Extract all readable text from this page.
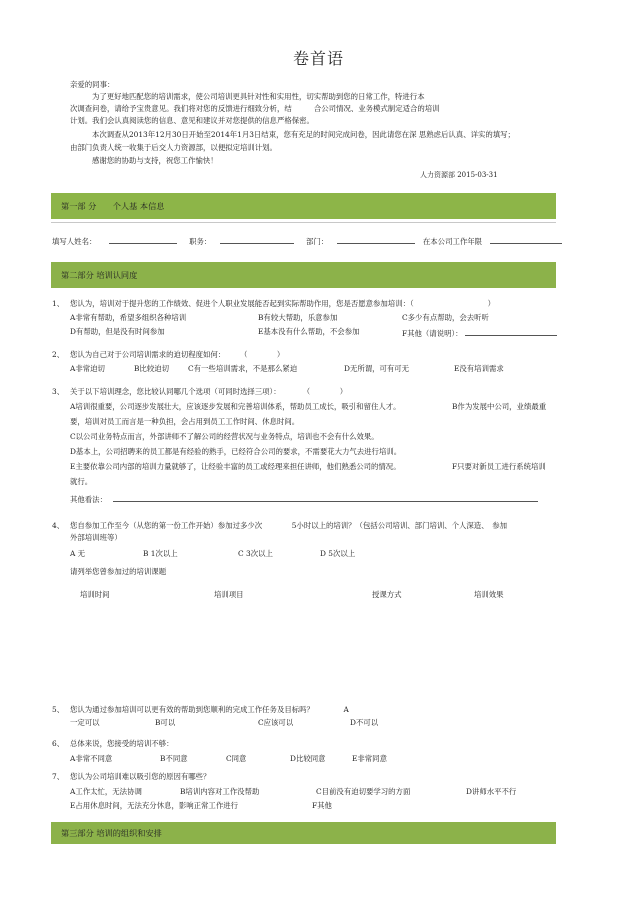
卷首语
亲爱的同事：
为了更好地匹配您的培训需求，使公司培训更具针对性和实用性，切实帮助到您的日常工作，特进行本
次调查问卷，请给予宝贵意见。我们将对您的反馈进行细致分析，结　　　合公司情况、业务模式制定适合的培训
计划。我们会认真阅读您的信息、意见和建议并对您提供的信息严格保密。
本次调查从2013年12月30日开始至2014年1月3日结束，您有充足的时间完成问卷，因此请您在深 思熟虑后认真、详实的填写；
由部门负责人统一收集于后交人力资源部，以便拟定培训计划。
感谢您的协助与支持，祝您工作愉快！
人力资源部 2015-03-31
第一部 分　　个人基 本信息
填写人姓名：	职务：	部门：	在本公司工作年限
第二部分 培训认同度
1、 您认为，培训对于提升您的工作绩效、促进个人职业发展能否起到实际帮助作用，您是否愿意参加培训：（　　　　　　　　　　）
A非常有帮助，希望多组织各种培训	B有较大帮助，乐意参加	C多少有点帮助，会去听听
D有帮助，但是没有时间参加	E基本没有什么帮助，不会参加	F其他（请说明）：
2、 您认为自己对于公司培训需求的迫切程度如何：　　　（　　　　）
A非常迫切	B比较迫切	C有一些培训需求，不是那么紧迫	D无所谓，可有可无	E没有培训需求
3、 关于以下培训理念，您比较认同哪几个选项（可同时选择三项）：　　　　（　　　　）
A培训很重要，公司逐步发展壮大，应该逐步发展和完善培训体系，帮助员工成长，吸引和留住人才。	B作为发展中公司，业绩最重
要，培训对员工而言是一种负担，会占用到员工工作时间、休息时间。
C以公司业务特点而言，外部讲师不了解公司的经营状况与业务特点，培训也不会有什么效果。
D基本上，公司招聘来的员工都是有经验的熟手，已经符合公司的要求，不需要花大力气去进行培训。
E主要依靠公司内部的培训力量就够了，让经验丰富的员工或经理来担任讲师，他们熟悉公司的情况。	F只要对新员工进行系统培训
就行。
其他看法：
4、 您自参加工作至今（从您的第一份工作开始）参加过多少次　　　　5小时以上的培训？（包括公司培训、部门培训、个人深造、　参加
外部培训班等）
A 无	B 1次以上	C 3次以上	D 5次以上
请列举您曾参加过的培训课题
培训时间	培训项目	授课方式	培训效果
5、 您认为通过参加培训可以更有效的帮助到您顺利的完成工作任务及目标吗？　　　　A
一定可以	B可以	C应该可以	D不可以
6、 总体来说，您接受的培训不够：
A非常不同意	B不同意	C同意	D比较同意	E非常同意
7、 您认为公司培训难以吸引您的原因有哪些？
A工作太忙，无法协调	B培训内容对工作没帮助	C目前没有迫切要学习的方面	D讲师水平不行
E占用休息时间，无法充分休息，影响正常工作进行	F其他
第三部分 培训的组织和安排
